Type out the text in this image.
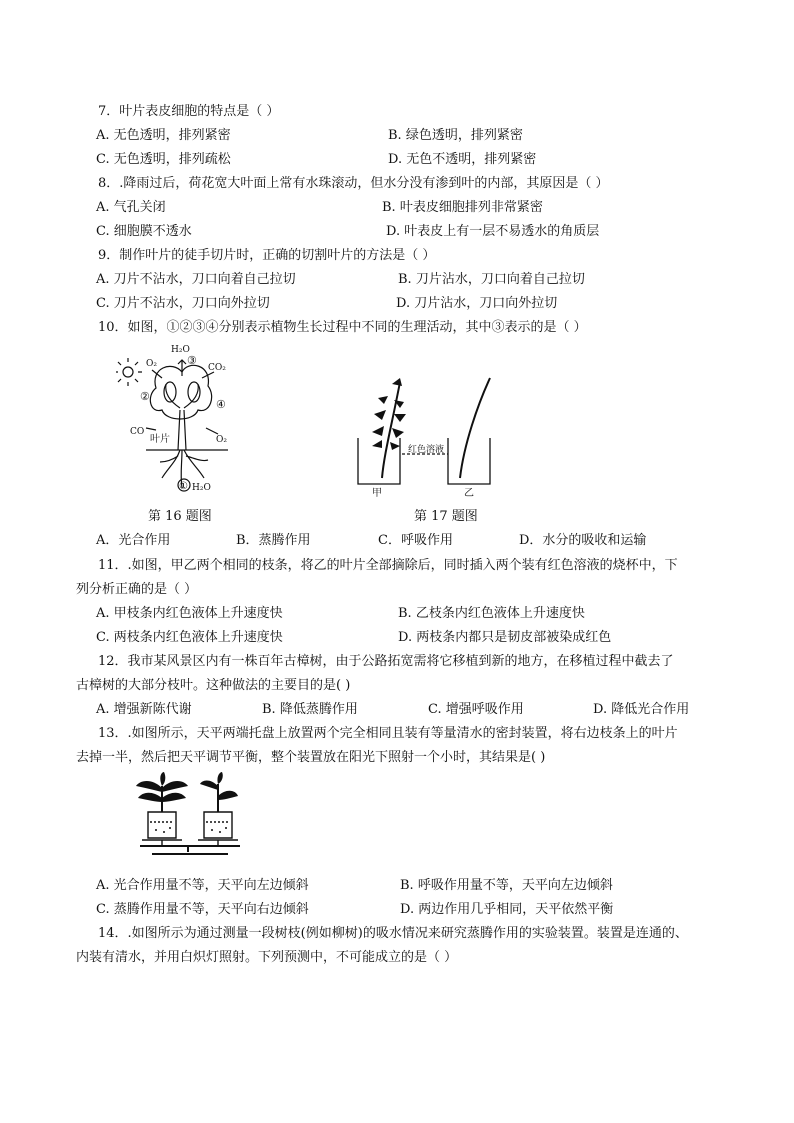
7．叶片表皮细胞的特点是（ ）
A. 无色透明，排列紧密	B. 绿色透明，排列紧密
C. 无色透明，排列疏松	D. 无色不透明，排列紧密
8．.降雨过后，荷花宽大叶面上常有水珠滚动，但水分没有渗到叶的内部，其原因是（ ）
A. 气孔关闭	B. 叶表皮细胞排列非常紧密
C. 细胞膜不透水	D. 叶表皮上有一层不易透水的角质层
9．制作叶片的徒手切片时，正确的切割叶片的方法是（ ）
A. 刀片不沾水，刀口向着自己拉切	B. 刀片沾水，刀口向着自己拉切
C. 刀片不沾水，刀口向外拉切	D. 刀片沾水，刀口向外拉切
10．如图，①②③④分别表示植物生长过程中不同的生理活动，其中③表示的是（ ）
H₂O
③
O₂	CO₂
②
④
CO
叶片	O₂
① H₂O
红色溶液
甲	乙
第 16 题图	第 17 题图
A．光合作用	B．蒸腾作用	C．呼吸作用	D．水分的吸收和运输
11．.如图，甲乙两个相同的枝条，将乙的叶片全部摘除后，同时插入两个装有红色溶液的烧杯中，下
列分析正确的是（ ）
A. 甲枝条内红色液体上升速度快	B. 乙枝条内红色液体上升速度快
C. 两枝条内红色液体上升速度快	D. 两枝条内都只是韧皮部被染成红色
12．我市某风景区内有一株百年古樟树，由于公路拓宽需将它移植到新的地方，在移植过程中截去了
古樟树的大部分枝叶。这种做法的主要目的是( )
A. 增强新陈代谢	B. 降低蒸腾作用	C. 增强呼吸作用	D. 降低光合作用
13．.如图所示，天平两端托盘上放置两个完全相同且装有等量清水的密封装置，将右边枝条上的叶片
去掉一半，然后把天平调节平衡，整个装置放在阳光下照射一个小时，其结果是( )
A. 光合作用量不等，天平向左边倾斜	B. 呼吸作用量不等，天平向左边倾斜
C. 蒸腾作用量不等，天平向右边倾斜	D. 两边作用几乎相同，天平依然平衡
14．.如图所示为通过测量一段树枝(例如柳树)的吸水情况来研究蒸腾作用的实验装置。装置是连通的、
内装有清水，并用白炽灯照射。下列预测中，不可能成立的是（ ）
